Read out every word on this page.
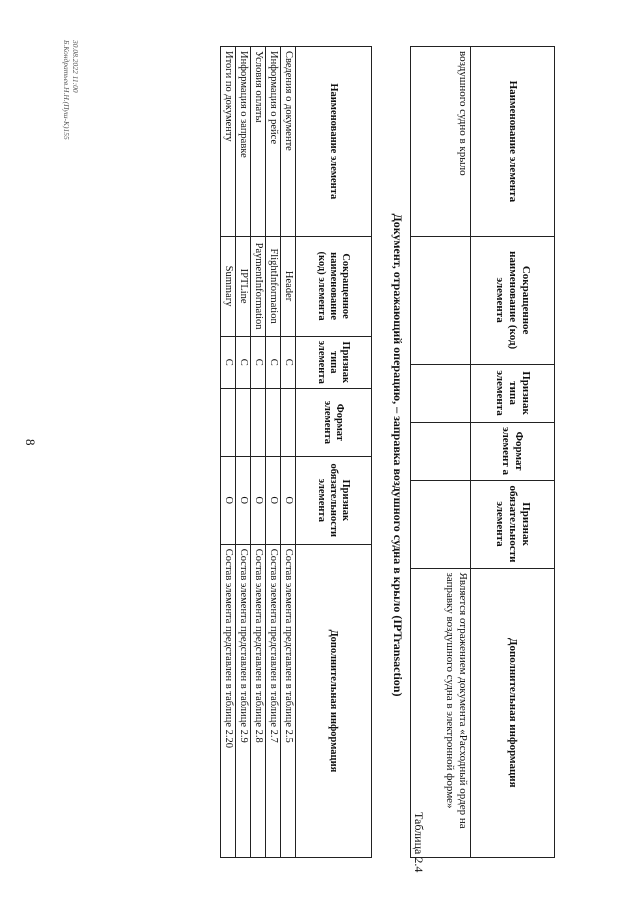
8
Наименование элемента	Сокращенное наименование (код) элемента	Признак типа элемента	Формат элемент а	Признак обязательности элемента	Дополнительная информация
воздушного судно в крыло					Является отражением документа «Расходный ордер на заправку воздушного судна в электронной форме»
Таблица 2.4
Документ, отражающий операцию, – заправка воздушного судна в крыло (IPTransaction)
Наименование элемента	Сокращенное наименование (код) элемента	Признак типа элемента	Формат элемента	Признак обязательности элемента	Дополнительная информация
Сведения о документе	Header	С		О	Состав элемента представлен в таблице 2.5
Информация о рейсе	FlightInformation	С		О	Состав элемента представлен в таблице 2.7
Условия оплаты	PaymentInformation	С		О	Состав элемента представлен в таблице 2.8
Информация о заправке	IPTLine	С		О	Состав элемента представлен в таблице 2.9
Итоги по документу	Summary	С		О	Состав элемента представлен в таблице 2.20
30.08.2022 11:00
Б.Кондратьев.Н.Н.(Пуш-К)155
